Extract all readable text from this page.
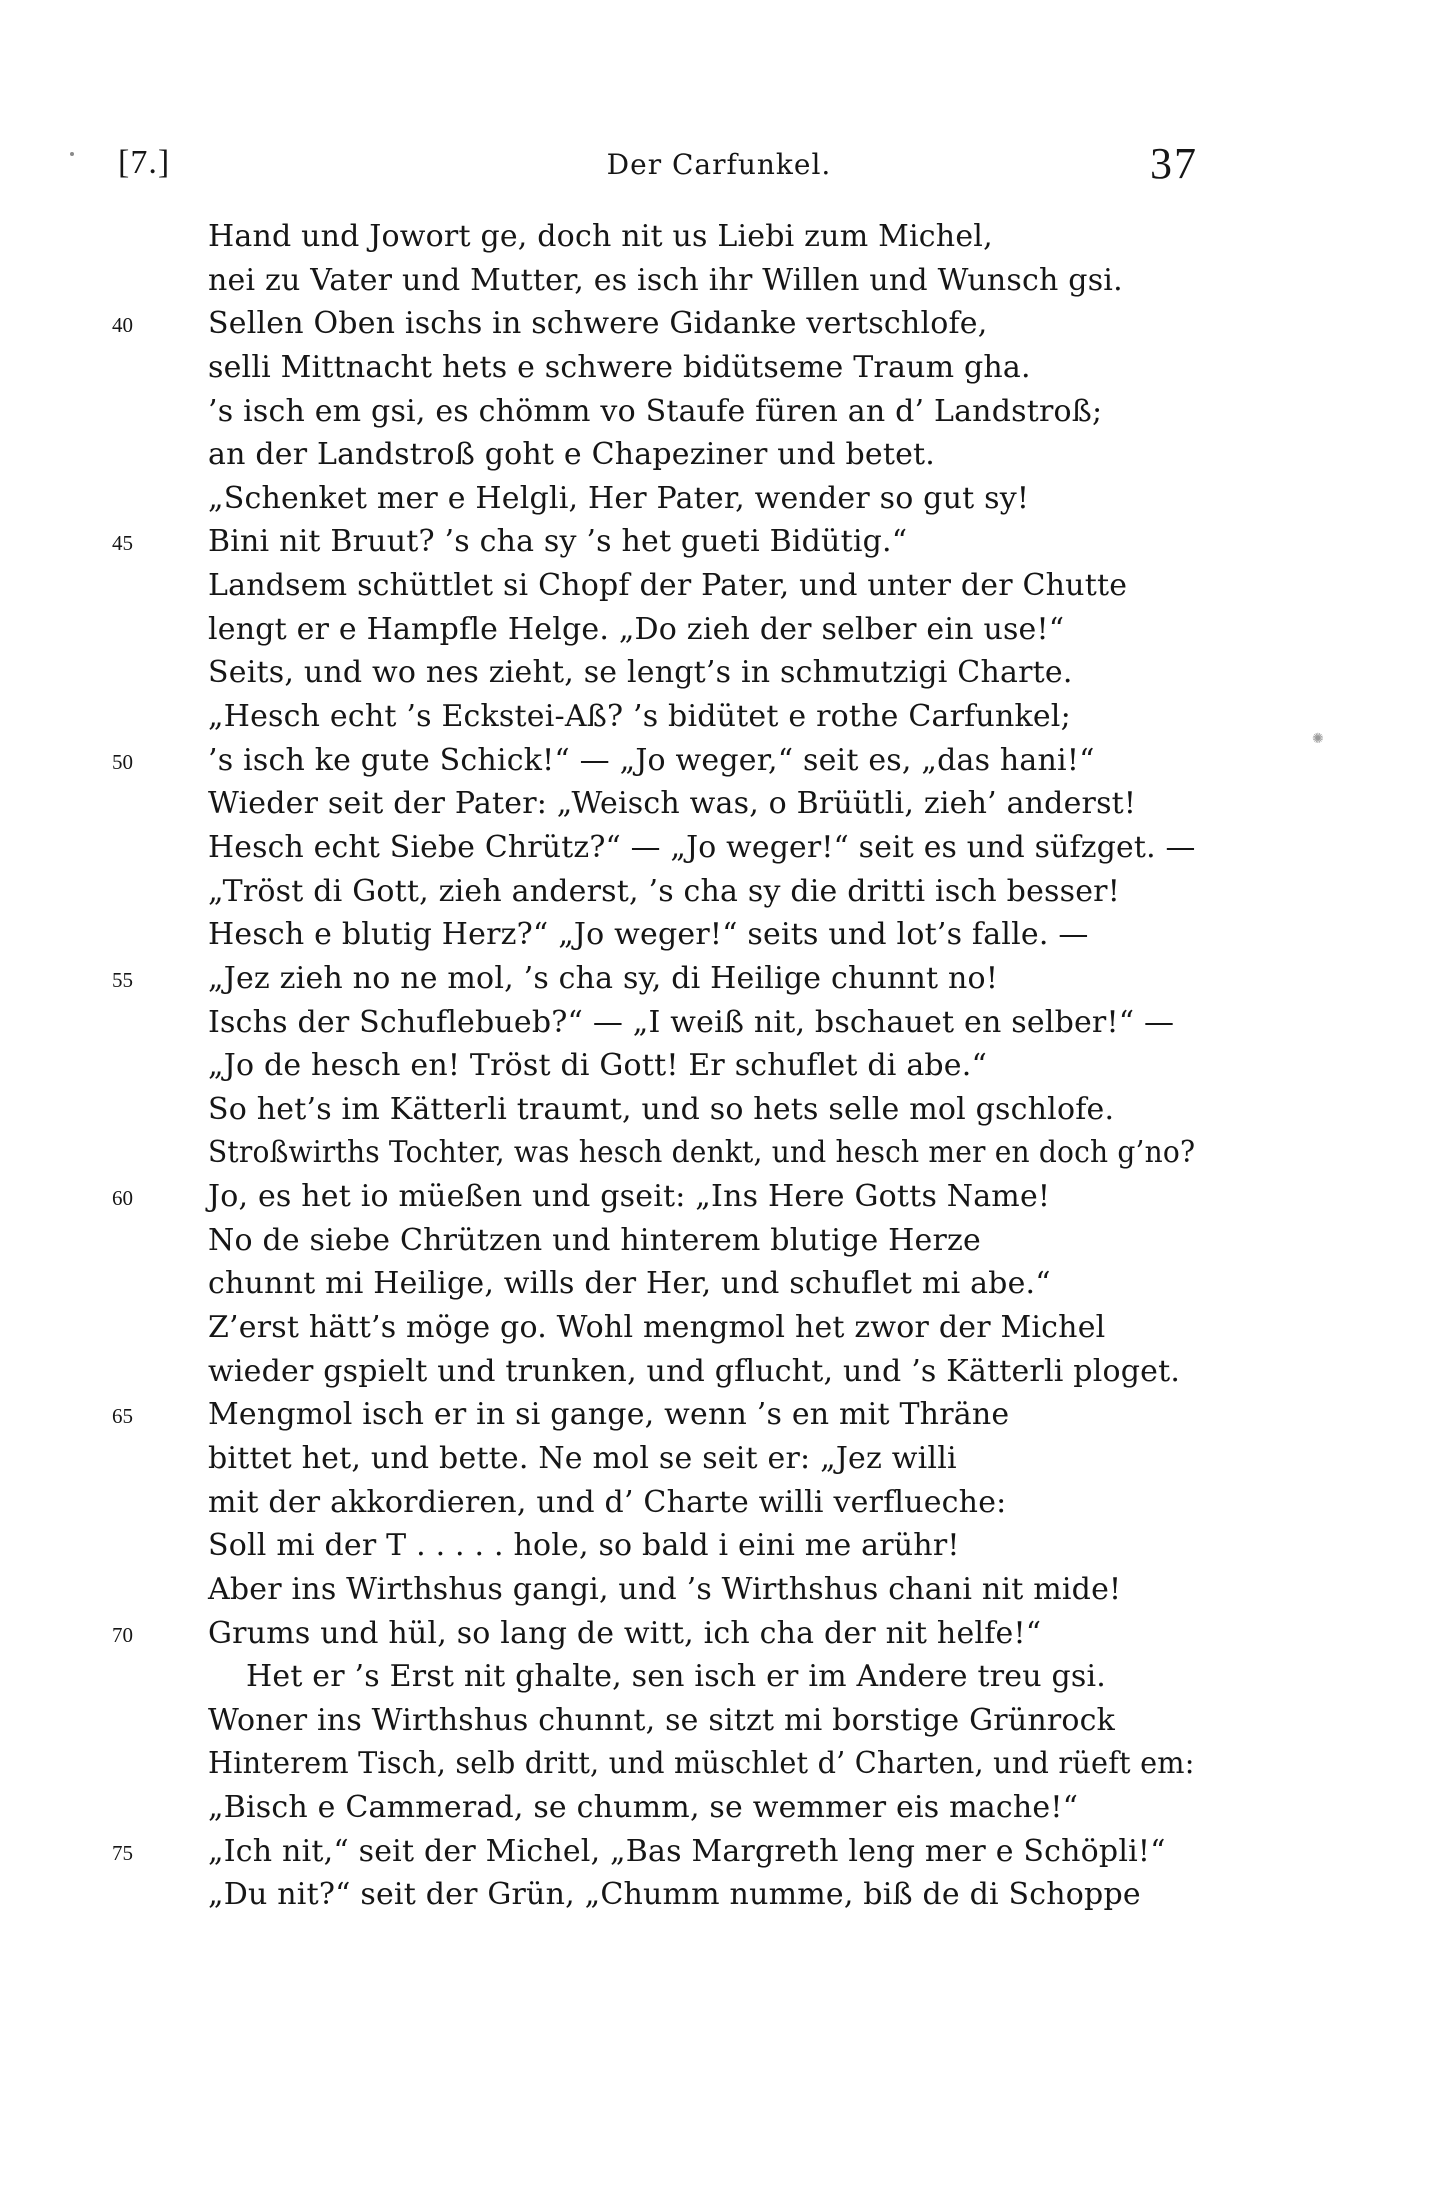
[7.]	Der Carfunkel.	37
Hand und Jowort ge, doch nit us Liebi zum Michel,
nei zu Vater und Mutter, es isch ihr Willen und Wunsch gsi.
40	Sellen Oben ischs in schwere Gidanke vertschlofe,
selli Mittnacht hets e schwere bidütseme Traum gha.
’s isch em gsi, es chömm vo Staufe füren an d’ Landstroß;
an der Landstroß goht e Chapeziner und betet.
„Schenket mer e Helgli, Her Pater, wender so gut sy!
45	Bini nit Bruut? ’s cha sy ’s het gueti Bidütig.“
Landsem schüttlet si Chopf der Pater, und unter der Chutte
lengt er e Hampfle Helge. „Do zieh der selber ein use!“
Seits, und wo nes zieht, se lengt’s in schmutzigi Charte.
„Hesch echt ’s Eckstei-Aß? ’s bidütet e rothe Carfunkel;
50	’s isch ke gute Schick!“ — „Jo weger,“ seit es, „das hani!“
Wieder seit der Pater: „Weisch was, o Brüütli, zieh’ anderst!
Hesch echt Siebe Chrütz?“ — „Jo weger!“ seit es und süfzget. —
„Tröst di Gott, zieh anderst, ’s cha sy die dritti isch besser!
Hesch e blutig Herz?“ „Jo weger!“ seits und lot’s falle. —
55	„Jez zieh no ne mol, ’s cha sy, di Heilige chunnt no!
Ischs der Schuflebueb?“ — „I weiß nit, bschauet en selber!“ —
„Jo de hesch en! Tröst di Gott! Er schuflet di abe.“
So het’s im Kätterli traumt, und so hets selle mol gschlofe.
Stroßwirths Tochter, was hesch denkt, und hesch mer en doch g’no?
60	Jo, es het io müeßen und gseit: „Ins Here Gotts Name!
No de siebe Chrützen und hinterem blutige Herze
chunnt mi Heilige, wills der Her, und schuflet mi abe.“
Z’erst hätt’s möge go. Wohl mengmol het zwor der Michel
wieder gspielt und trunken, und gflucht, und ’s Kätterli ploget.
65	Mengmol isch er in si gange, wenn ’s en mit Thräne
bittet het, und bette. Ne mol se seit er: „Jez willi
mit der akkordieren, und d’ Charte willi verflueche:
Soll mi der T . . . . . hole, so bald i eini me arühr!
Aber ins Wirthshus gangi, und ’s Wirthshus chani nit mide!
70	Grums und hül, so lang de witt, ich cha der nit helfe!“
Het er ’s Erst nit ghalte, sen isch er im Andere treu gsi.
Woner ins Wirthshus chunnt, se sitzt mi borstige Grünrock
Hinterem Tisch, selb dritt, und müschlet d’ Charten, und rüeft em:
„Bisch e Cammerad, se chumm, se wemmer eis mache!“
75	„Ich nit,“ seit der Michel, „Bas Margreth leng mer e Schöpli!“
„Du nit?“ seit der Grün, „Chumm numme, biß de di Schoppe
✺
